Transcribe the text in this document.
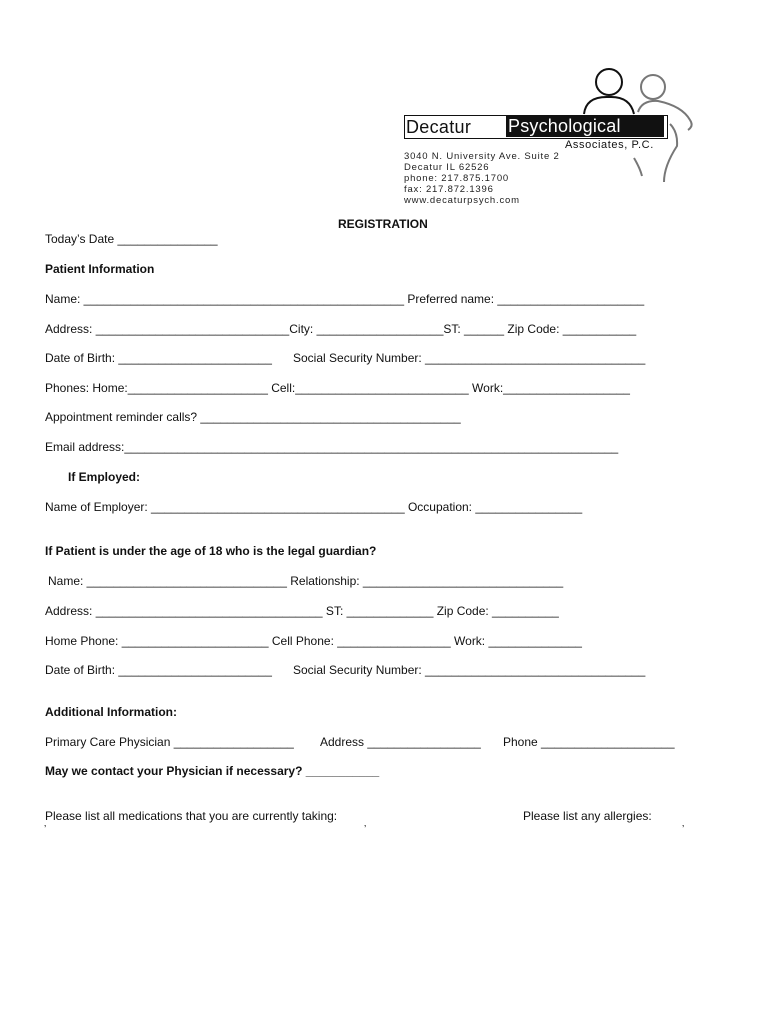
Decatur Psychological
Associates, P.C.
3040 N. University Ave. Suite 2
Decatur IL 62526
phone: 217.875.1700
fax: 217.872.1396
www.decaturpsych.com
REGISTRATION
Today’s Date _______________
Patient Information
Name: ________________________________________________ Preferred name: ______________________
Address: _____________________________City: ___________________ST: ______ Zip Code: ___________
Date of Birth: _______________________ Social Security Number: _________________________________
Phones: Home:_____________________ Cell:__________________________ Work:___________________
Appointment reminder calls? _______________________________________
Email address:__________________________________________________________________________
If Employed:
Name of Employer: ______________________________________ Occupation: ________________
If Patient is under the age of 18 who is the legal guardian?
Name: ______________________________ Relationship: ______________________________
Address: __________________________________ ST: _____________ Zip Code: __________
Home Phone: ______________________ Cell Phone: _________________ Work: ______________
Date of Birth: _______________________ Social Security Number: _________________________________
Additional Information:
Primary Care Physician __________________ Address _________________ Phone ____________________
May we contact your Physician if necessary? ___________
Please list all medications that you are currently taking:	Please list any allergies:
‚	‚	‚
